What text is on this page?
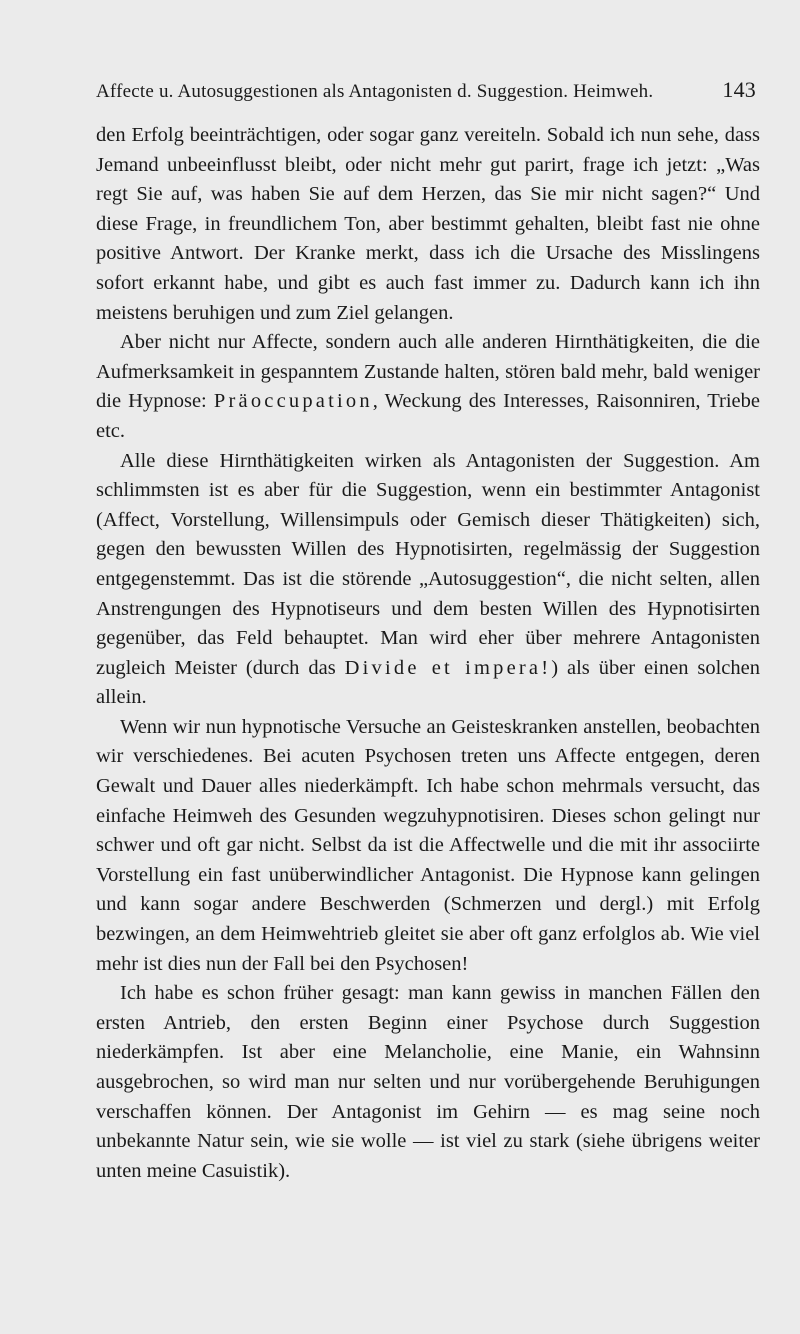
Affecte u. Autosuggestionen als Antagonisten d. Suggestion. Heimweh.	143

den Erfolg beeinträchtigen, oder sogar ganz vereiteln. Sobald ich nun sehe, dass Jemand unbeeinflusst bleibt, oder nicht mehr gut parirt, frage ich jetzt: „Was regt Sie auf, was haben Sie auf dem Herzen, das Sie mir nicht sagen?“ Und diese Frage, in freundlichem Ton, aber bestimmt gehalten, bleibt fast nie ohne positive Antwort. Der Kranke merkt, dass ich die Ursache des Misslingens sofort erkannt habe, und gibt es auch fast immer zu. Dadurch kann ich ihn meistens beruhigen und zum Ziel gelangen.

Aber nicht nur Affecte, sondern auch alle anderen Hirnthätigkeiten, die die Aufmerksamkeit in gespanntem Zustande halten, stören bald mehr, bald weniger die Hypnose: Präoccupation, Weckung des Interesses, Raisonniren, Triebe etc.

Alle diese Hirnthätigkeiten wirken als Antagonisten der Suggestion. Am schlimmsten ist es aber für die Suggestion, wenn ein bestimmter Antagonist (Affect, Vorstellung, Willensimpuls oder Gemisch dieser Thätigkeiten) sich, gegen den bewussten Willen des Hypnotisirten, regelmässig der Suggestion entgegenstemmt. Das ist die störende „Autosuggestion“, die nicht selten, allen Anstrengungen des Hypnotiseurs und dem besten Willen des Hypnotisirten gegenüber, das Feld behauptet. Man wird eher über mehrere Antagonisten zugleich Meister (durch das Divide et impera!) als über einen solchen allein.

Wenn wir nun hypnotische Versuche an Geisteskranken anstellen, beobachten wir verschiedenes. Bei acuten Psychosen treten uns Affecte entgegen, deren Gewalt und Dauer alles niederkämpft. Ich habe schon mehrmals versucht, das einfache Heimweh des Gesunden wegzuhypnotisiren. Dieses schon gelingt nur schwer und oft gar nicht. Selbst da ist die Affectwelle und die mit ihr associirte Vorstellung ein fast unüberwindlicher Antagonist. Die Hypnose kann gelingen und kann sogar andere Beschwerden (Schmerzen und dergl.) mit Erfolg bezwingen, an dem Heimwehtrieb gleitet sie aber oft ganz erfolglos ab. Wie viel mehr ist dies nun der Fall bei den Psychosen!

Ich habe es schon früher gesagt: man kann gewiss in manchen Fällen den ersten Antrieb, den ersten Beginn einer Psychose durch Suggestion niederkämpfen. Ist aber eine Melancholie, eine Manie, ein Wahnsinn ausgebrochen, so wird man nur selten und nur vorübergehende Beruhigungen verschaffen können. Der Antagonist im Gehirn — es mag seine noch unbekannte Natur sein, wie sie wolle — ist viel zu stark (siehe übrigens weiter unten meine Casuistik).
